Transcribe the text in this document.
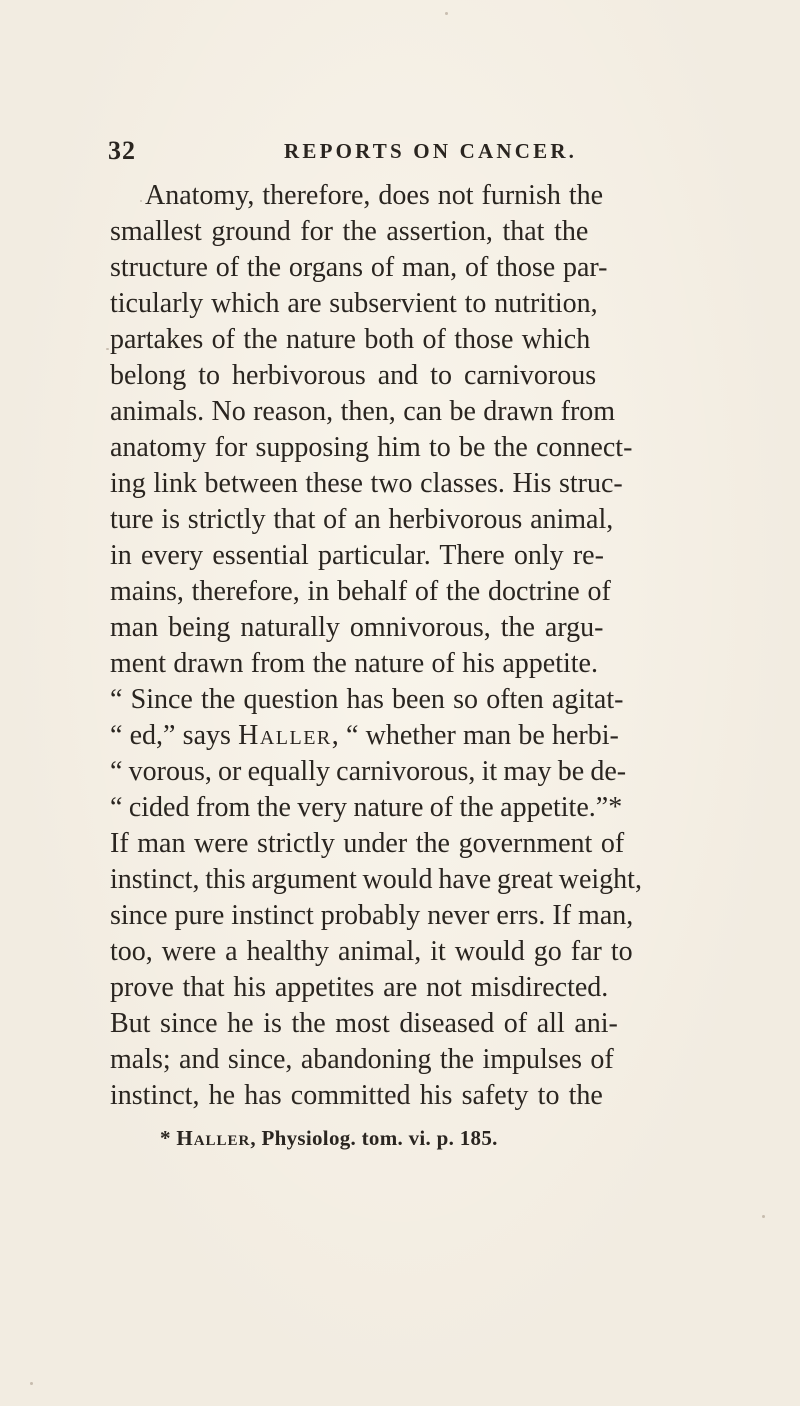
32	REPORTS ON CANCER.
Anatomy, therefore, does not furnish the
smallest ground for the assertion, that the
structure of the organs of man, of those par-
ticularly which are subservient to nutrition,
partakes of the nature both of those which
belong to herbivorous and to carnivorous
animals. No reason, then, can be drawn from
anatomy for supposing him to be the connect-
ing link between these two classes. His struc-
ture is strictly that of an herbivorous animal,
in every essential particular. There only re-
mains, therefore, in behalf of the doctrine of
man being naturally omnivorous, the argu-
ment drawn from the nature of his appetite.
“ Since the question has been so often agitat-
“ ed,” says Haller, “ whether man be herbi-
“ vorous, or equally carnivorous, it may be de-
“ cided from the very nature of the appetite.”*
If man were strictly under the government of
instinct, this argument would have great weight,
since pure instinct probably never errs. If man,
too, were a healthy animal, it would go far to
prove that his appetites are not misdirected.
But since he is the most diseased of all ani-
mals; and since, abandoning the impulses of
instinct, he has committed his safety to the
* Haller, Physiolog. tom. vi. p. 185.
